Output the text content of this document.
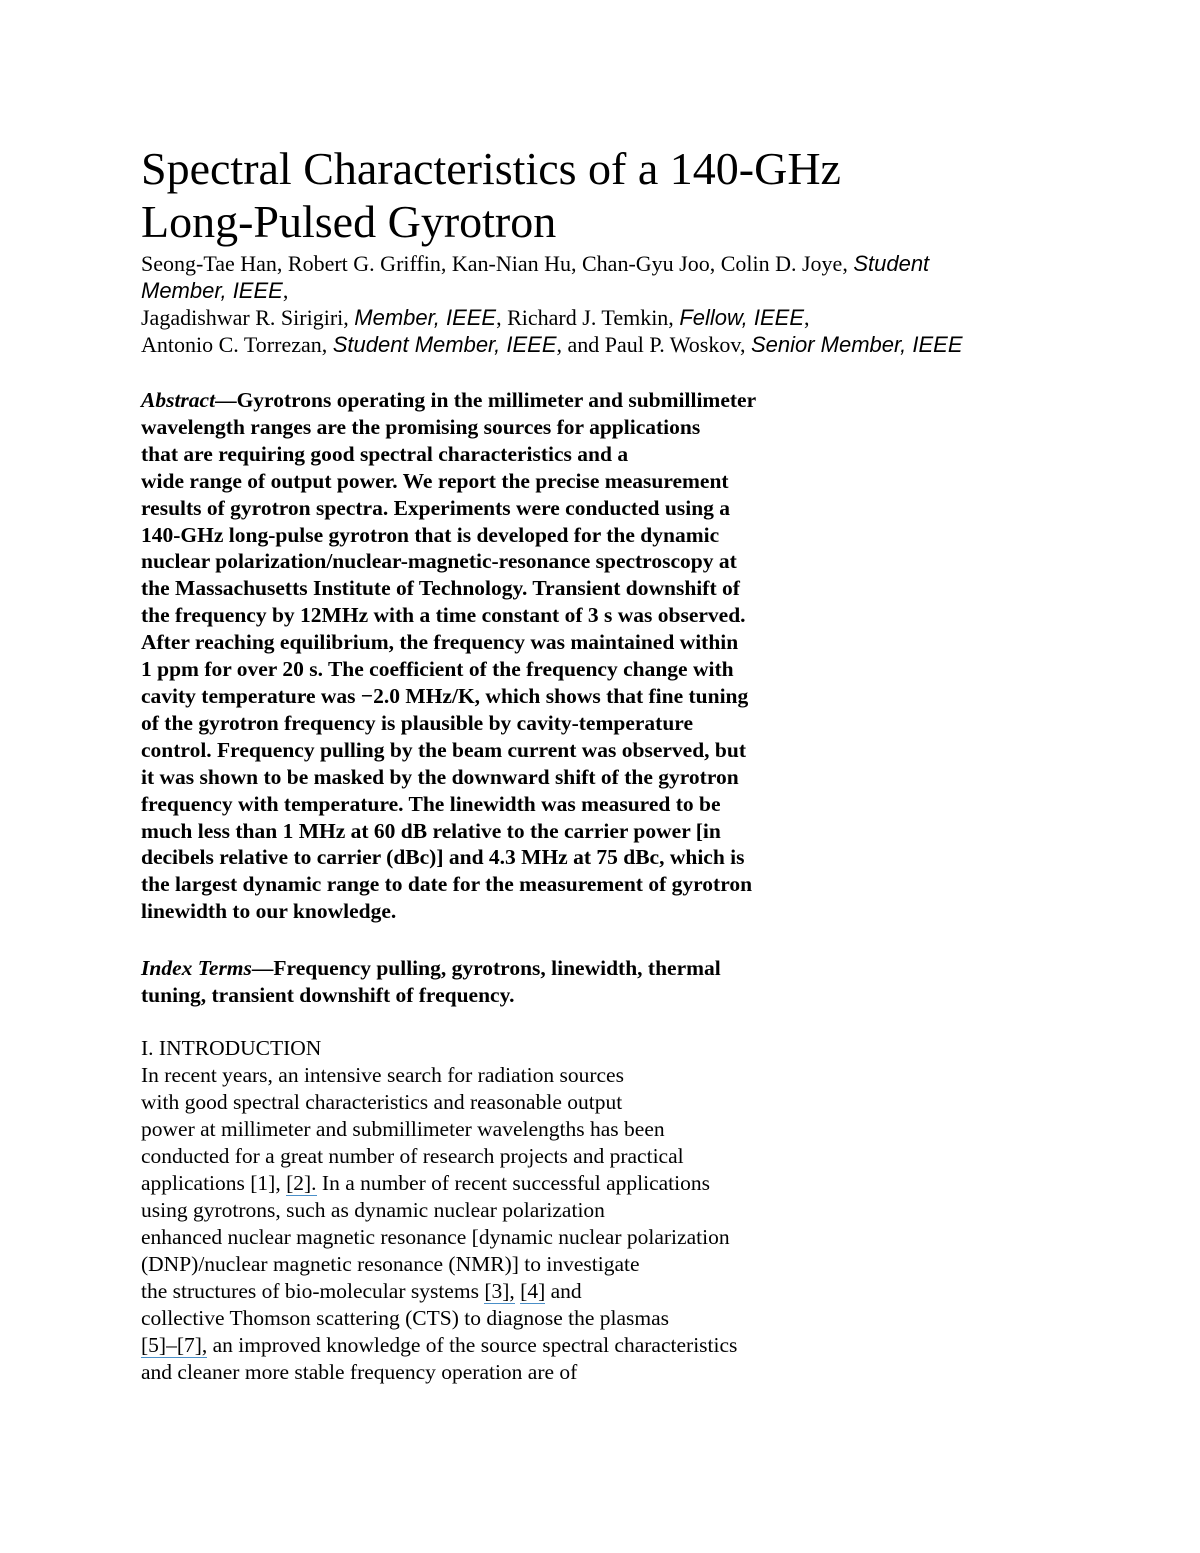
Spectral Characteristics of a 140-GHz
Long-Pulsed Gyrotron
Seong-Tae Han, Robert G. Griffin, Kan-Nian Hu, Chan-Gyu Joo, Colin D. Joye, Student
Member, IEEE,
Jagadishwar R. Sirigiri, Member, IEEE, Richard J. Temkin, Fellow, IEEE,
Antonio C. Torrezan, Student Member, IEEE, and Paul P. Woskov, Senior Member, IEEE
Abstract—Gyrotrons operating in the millimeter and submillimeter
wavelength ranges are the promising sources for applications
that are requiring good spectral characteristics and a
wide range of output power. We report the precise measurement
results of gyrotron spectra. Experiments were conducted using a
140-GHz long-pulse gyrotron that is developed for the dynamic
nuclear polarization/nuclear-magnetic-resonance spectroscopy at
the Massachusetts Institute of Technology. Transient downshift of
the frequency by 12MHz with a time constant of 3 s was observed.
After reaching equilibrium, the frequency was maintained within
1 ppm for over 20 s. The coefficient of the frequency change with
cavity temperature was −2.0 MHz/K, which shows that fine tuning
of the gyrotron frequency is plausible by cavity-temperature
control. Frequency pulling by the beam current was observed, but
it was shown to be masked by the downward shift of the gyrotron
frequency with temperature. The linewidth was measured to be
much less than 1 MHz at 60 dB relative to the carrier power [in
decibels relative to carrier (dBc)] and 4.3 MHz at 75 dBc, which is
the largest dynamic range to date for the measurement of gyrotron
linewidth to our knowledge.
Index Terms—Frequency pulling, gyrotrons, linewidth, thermal
tuning, transient downshift of frequency.
I. INTRODUCTION
In recent years, an intensive search for radiation sources
with good spectral characteristics and reasonable output
power at millimeter and submillimeter wavelengths has been
conducted for a great number of research projects and practical
applications [1], [2]. In a number of recent successful applications
using gyrotrons, such as dynamic nuclear polarization
enhanced nuclear magnetic resonance [dynamic nuclear polarization
(DNP)/nuclear magnetic resonance (NMR)] to investigate
the structures of bio-molecular systems [3], [4] and
collective Thomson scattering (CTS) to diagnose the plasmas
[5]–[7], an improved knowledge of the source spectral characteristics
and cleaner more stable frequency operation are of
